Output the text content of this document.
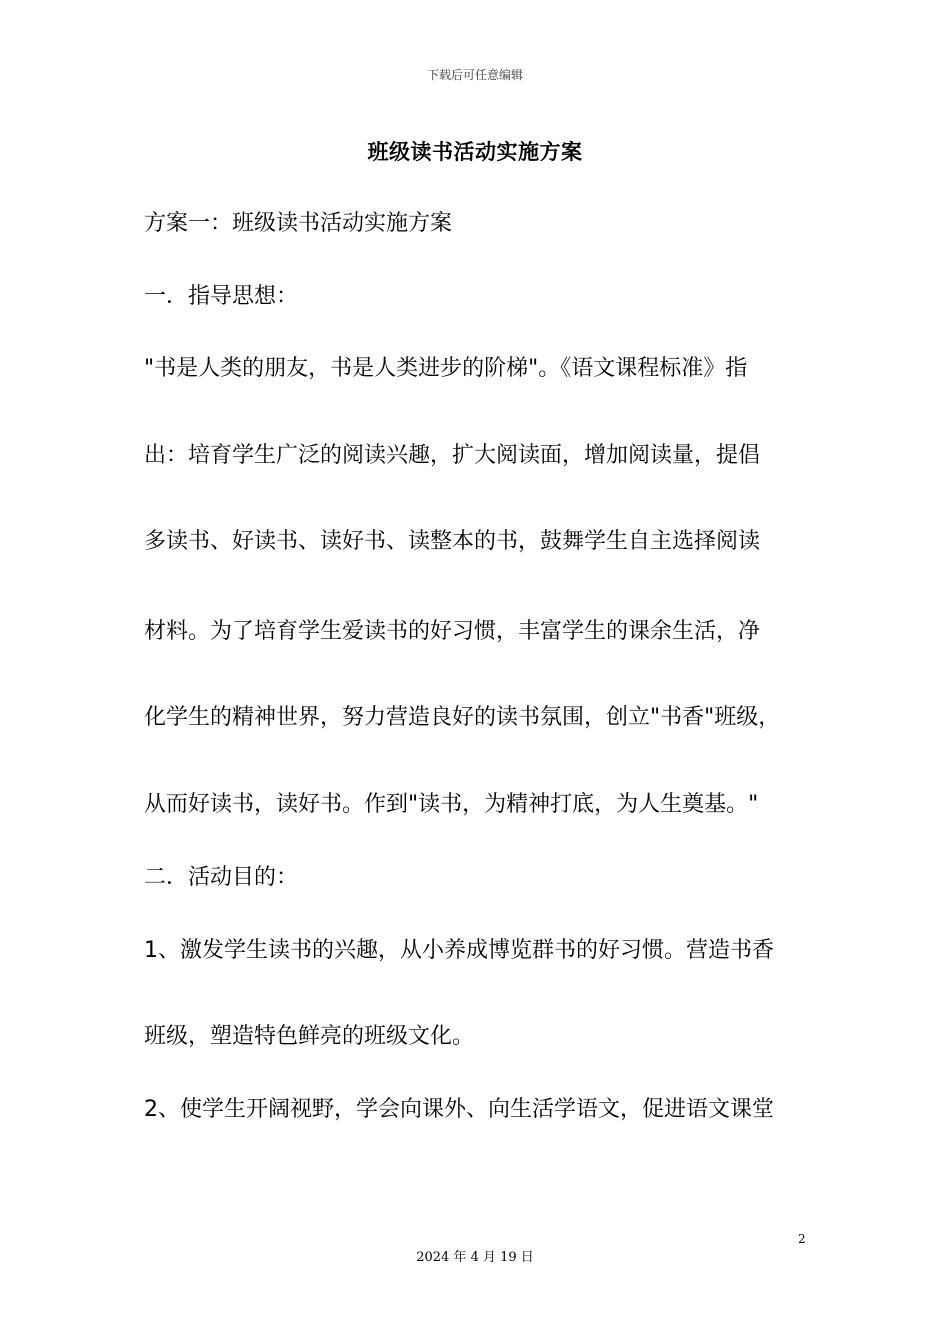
下载后可任意编辑
班级读书活动实施方案
方案一：班级读书活动实施方案
一．指导思想：
"书是人类的朋友，书是人类进步的阶梯"。《语文课程标准》指
出：培育学生广泛的阅读兴趣，扩大阅读面，增加阅读量，提倡
多读书、好读书、读好书、读整本的书，鼓舞学生自主选择阅读
材料。为了培育学生爱读书的好习惯，丰富学生的课余生活，净
化学生的精神世界，努力营造良好的读书氛围，创立"书香"班级，
从而好读书，读好书。作到"读书，为精神打底，为人生奠基。"
二．活动目的：
1、激发学生读书的兴趣，从小养成博览群书的好习惯。营造书香
班级，塑造特色鲜亮的班级文化。
2、使学生开阔视野，学会向课外、向生活学语文，促进语文课堂
2
2024 年 4 月 19 日
